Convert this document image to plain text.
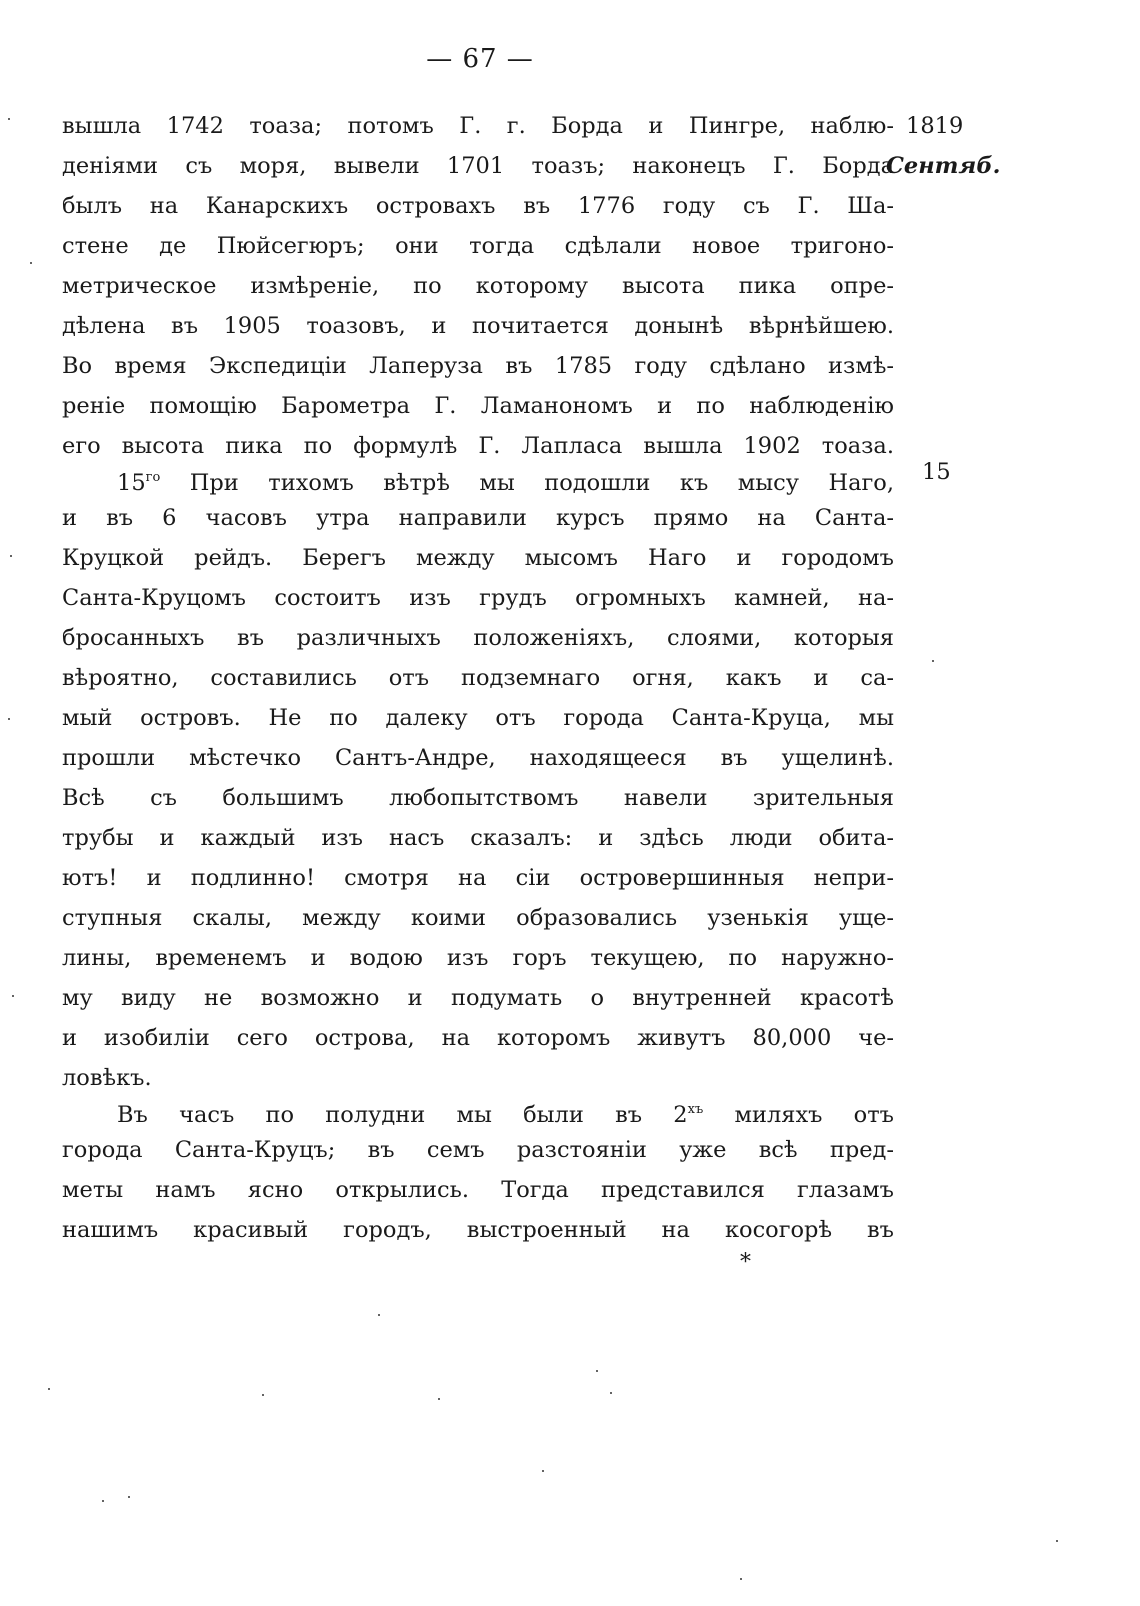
— 67 —
1819
Сентяб.
15
вышла 1742 тоаза; потомъ Г. г. Борда и Пингре, наблю-
деніями съ моря, вывели 1701 тоазъ; наконецъ Г. Борда
былъ на Канарскихъ островахъ въ 1776 году съ Г. Ша-
стене де Пюйсегюръ; они тогда сдѣлали новое тригоно-
метрическое измѣреніе, по которому высота пика опре-
дѣлена въ 1905 тоазовъ, и почитается донынѣ вѣрнѣйшею.
Во время Экспедиціи Лаперуза въ 1785 году сдѣлано измѣ-
реніе помощію Барометра Г. Ламанономъ и по наблюденію
его высота пика по формулѣ Г. Лапласа вышла 1902 тоаза.
$15^{го}$ При тихомъ вѣтрѣ мы подошли къ мысу Наго,
и въ 6 часовъ утра направили курсъ прямо на Санта-
Круцкой рейдъ. Берегъ между мысомъ Наго и городомъ
Санта-Круцомъ состоитъ изъ грудъ огромныхъ камней, на-
бросанныхъ въ различныхъ положеніяхъ, слоями, которыя
вѣроятно, составились отъ подземнаго огня, какъ и са-
мый островъ. Не по далеку отъ города Санта-Круца, мы
прошли мѣстечко Сантъ-Андре, находящееся въ ущелинѣ.
Всѣ съ большимъ любопытствомъ навели зрительныя
трубы и каждый изъ насъ сказалъ: и здѣсь люди обита-
ютъ! и подлинно! смотря на сіи островершинныя непри-
ступныя скалы, между коими образовались узенькія уще-
лины, временемъ и водою изъ горъ текущею, по наружно-
му виду не возможно и подумать о внутренней красотѣ
и изобиліи сего острова, на которомъ живутъ 80,000 че-
ловѣкъ.
Въ часъ по полудни мы были въ $2^{хъ}$ миляхъ отъ
города Санта-Круцъ; въ семъ разстояніи уже всѣ пред-
меты намъ ясно открылись. Тогда представился глазамъ
нашимъ красивый городъ, выстроенный на косогорѣ въ
*
